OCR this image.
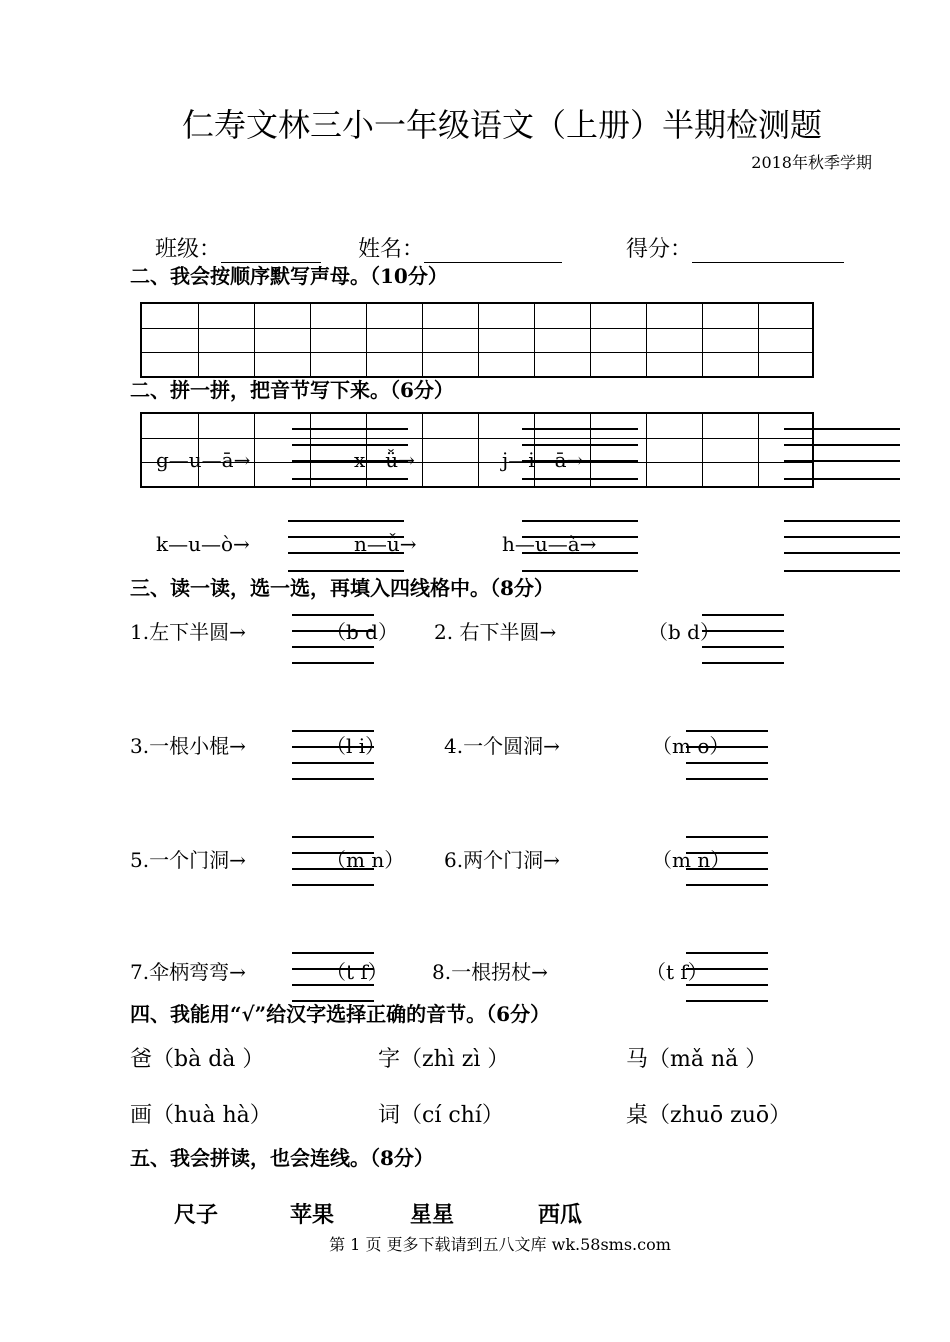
仁寿文林三小一年级语文（上册）半期检测题
2018年秋季学期
班级：	姓名：	得分：
二、我会按顺序默写声母。（10分）
二、拼一拼，把音节写下来。（6分）
g—u—ā→	x—ǚ→	j—i—ā→
k—u—ò→	n—ǚ→	h—u—à→
三、读一读，选一选，再填入四线格中。（8分）
1.左下半圆→	（b d） 2. 右下半圆→	（b d）
3.一根小棍→	（l i）	4.一个圆洞→	（m o）
5.一个门洞→	（m n） 6.两个门洞→	（m n）
7.伞柄弯弯→	（t f） 8.一根拐杖→	（t f）
四、我能用“√”给汉字选择正确的音节。（6分）
爸（bà dà ）	字（zhì zì ）	马（mǎ nǎ ）
画（huà hà）	词（cí chí）	桌（zhuō zuō）
五、我会拼读，也会连线。（8分）
尺子	苹果	星星	西瓜
第 1 页 更多下载请到五八文库 wk.58sms.com
